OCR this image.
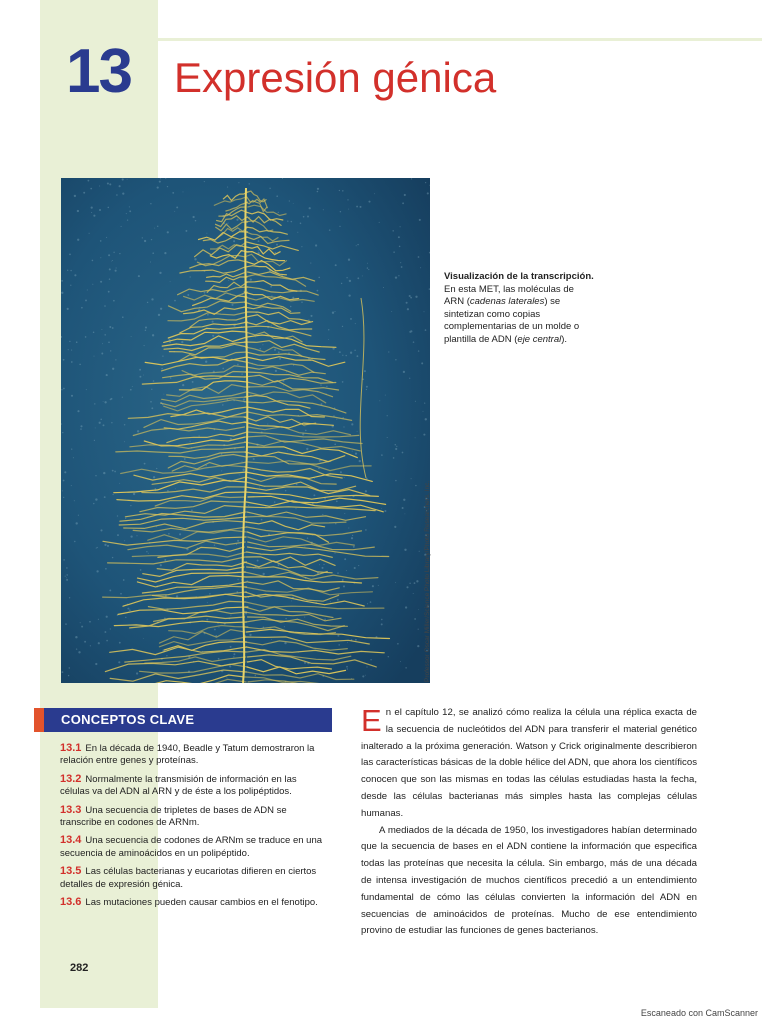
13 Expresión génica
Professor Oscar Miller/Science Photo Library/Photo Researchers, Inc.
Visualización de la transcripción.
En esta MET, las moléculas de ARN (cadenas laterales) se sintetizan como copias complementarias de un molde o plantilla de ADN (eje central).
CONCEPTOS CLAVE
13.1 En la década de 1940, Beadle y Tatum demostraron la relación entre genes y proteínas.
13.2 Normalmente la transmisión de información en las células va del ADN al ARN y de éste a los polipéptidos.
13.3 Una secuencia de tripletes de bases de ADN se transcribe en codones de ARNm.
13.4 Una secuencia de codones de ARNm se traduce en una secuencia de aminoácidos en un polipéptido.
13.5 Las células bacterianas y eucariotas difieren en ciertos detalles de expresión génica.
13.6 Las mutaciones pueden causar cambios en el fenotipo.

En el capítulo 12, se analizó cómo realiza la célula una réplica exacta de la secuencia de nucleótidos del ADN para transferir el material genético inalterado a la próxima generación. Watson y Crick originalmente describieron las características básicas de la doble hélice del ADN, que ahora los científicos conocen que son las mismas en todas las células estudiadas hasta la fecha, desde las células bacterianas más simples hasta las complejas células humanas.

A mediados de la década de 1950, los investigadores habían determinado que la secuencia de bases en el ADN contiene la información que especifica todas las proteínas que necesita la célula. Sin embargo, más de una década de intensa investigación de muchos científicos precedió a un entendimiento fundamental de cómo las células convierten la información del ADN en secuencias de aminoácidos de proteínas. Mucho de ese entendimiento provino de estudiar las funciones de genes bacterianos.

282
Escaneado con CamScanner
